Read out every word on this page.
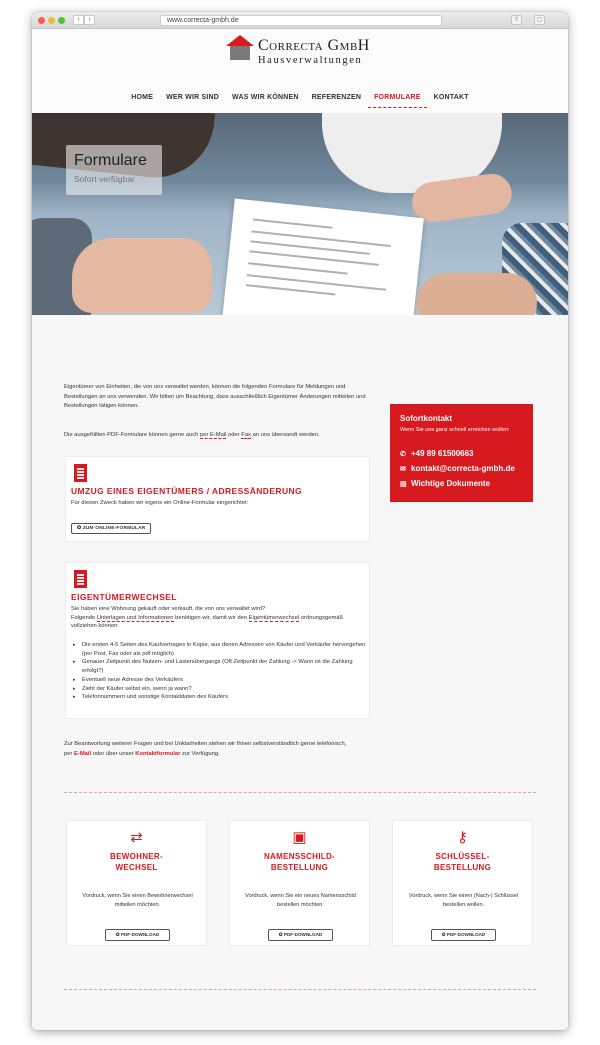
‹	›	www.correcta-gmbh.de	⇧	▢
Correcta GmbH
Hausverwaltungen
HOME	WER WIR SIND	WAS WIR KÖNNEN	REFERENZEN	FORMULARE	KONTAKT
Formulare
Sofort verfügbar

Eigentümer von Einheiten, die von uns verwaltet werden, können die folgenden Formulare für Meldungen und Bestellungen an uns verwenden. Wir bitten um Beachtung, dass ausschließlich Eigentümer Änderungen mitteilen und Bestellungen tätigen können.

Die ausgefüllten PDF-Formulare können gerne auch per E-Mail oder Fax an uns übersandt werden.

Sofortkontakt
Wenn Sie uns ganz schnell erreichen wollen:
✆ +49 89 61500663
✉ kontakt@correcta-gmbh.de
▤ Wichtige Dokumente
UMZUG EINES EIGENTÜMERS / ADRESSÄNDERUNG
Für diesen Zweck haben wir eigens ein Online-Formular eingerichtet:
✪ ZUM ONLINE-FORMULAR
EIGENTÜMERWECHSEL
Sie haben eine Wohnung gekauft oder verkauft, die von uns verwaltet wird?
Folgende Unterlagen und Informationen benötigen wir, damit wir den Eigentümerwechsel ordnungsgemäß
vollziehen können:
▸ Die ersten 4-5 Seiten des Kaufvertrages in Kopie, aus denen Adressen von Käufer und Verkäufer hervorgehen (per Post, Fax oder als pdf möglich)
▸ Genauer Zeitpunkt des Nutzen- und Lastenübergangs (Oft Zeitpunkt der Zahlung -> Wann ist die Zahlung erfolgt?)
▸ Eventuell neue Adresse des Verkäufers
▸ Zieht der Käufer selbst ein, wenn ja wann?
▸ Telefonnummern und sonstige Kontaktdaten des Käufers
Zur Beantwortung weiterer Fragen und bei Unklarheiten stehen wir Ihnen selbstverständlich gerne telefonisch,
per E-Mail oder über unser Kontaktformular zur Verfügung.
⇄
BEWOHNER-
WECHSEL
Vordruck, wenn Sie einen Bewohnerwechsel mitteilen möchten.
✪ PDF-DOWNLOAD
▣
NAMENSSCHILD-
BESTELLUNG
Vordruck, wenn Sie ein neues Namensschild bestellen möchten.
✪ PDF-DOWNLOAD
⚷
SCHLÜSSEL-
BESTELLUNG
Vordruck, wenn Sie einen (Nach-) Schlüssel bestellen wollen.
✪ PDF-DOWNLOAD
